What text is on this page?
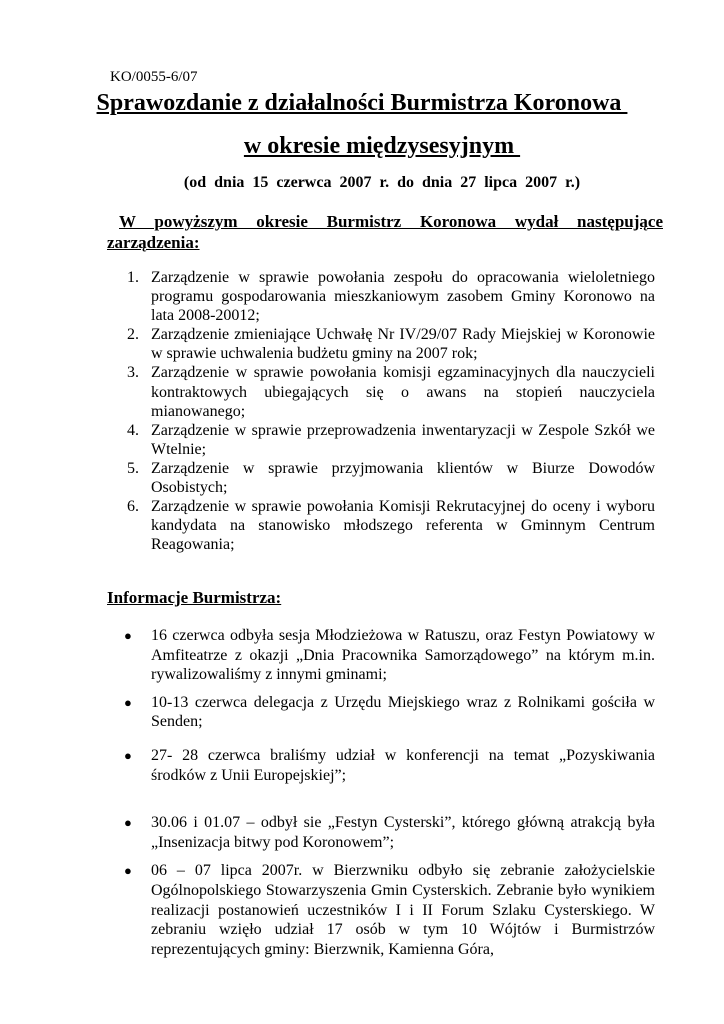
KO/0055-6/07
Sprawozdanie z działalności Burmistrza Koronowa
w okresie międzysesyjnym
(od dnia 15 czerwca 2007 r. do dnia 27 lipca 2007 r.)
W powyższym okresie Burmistrz Koronowa wydał następujące
zarządzenia:
1. Zarządzenie w sprawie powołania zespołu do opracowania wieloletniego programu gospodarowania mieszkaniowym zasobem Gminy Koronowo na lata 2008-20012;
2. Zarządzenie zmieniające Uchwałę Nr IV/29/07 Rady Miejskiej w Koronowie w sprawie uchwalenia budżetu gminy na 2007 rok;
3. Zarządzenie w sprawie powołania komisji egzaminacyjnych dla nauczycieli kontraktowych ubiegających się o awans na stopień nauczyciela mianowanego;
4. Zarządzenie w sprawie przeprowadzenia inwentaryzacji w Zespole Szkół we Wtelnie;
5. Zarządzenie w sprawie przyjmowania klientów w Biurze Dowodów Osobistych;
6. Zarządzenie w sprawie powołania Komisji Rekrutacyjnej do oceny i wyboru kandydata na stanowisko młodszego referenta w Gminnym Centrum Reagowania;
Informacje Burmistrza:
● 16 czerwca odbyła sesja Młodzieżowa w Ratuszu, oraz Festyn Powiatowy w Amfiteatrze z okazji „Dnia Pracownika Samorządowego” na którym m.in. rywalizowaliśmy z innymi gminami;
● 10-13 czerwca delegacja z Urzędu Miejskiego wraz z Rolnikami gościła w Senden;
● 27- 28 czerwca braliśmy udział w konferencji na temat „Pozyskiwania środków z Unii Europejskiej”;
● 30.06 i 01.07 – odbył sie „Festyn Cysterski”, którego główną atrakcją była „Insenizacja bitwy pod Koronowem”;
● 06 – 07 lipca 2007r. w Bierzwniku odbyło się zebranie założycielskie Ogólnopolskiego Stowarzyszenia Gmin Cysterskich. Zebranie było wynikiem realizacji postanowień uczestników I i II Forum Szlaku Cysterskiego. W zebraniu wzięło udział 17 osób w tym 10 Wójtów i Burmistrzów reprezentujących gminy: Bierzwnik, Kamienna Góra,
